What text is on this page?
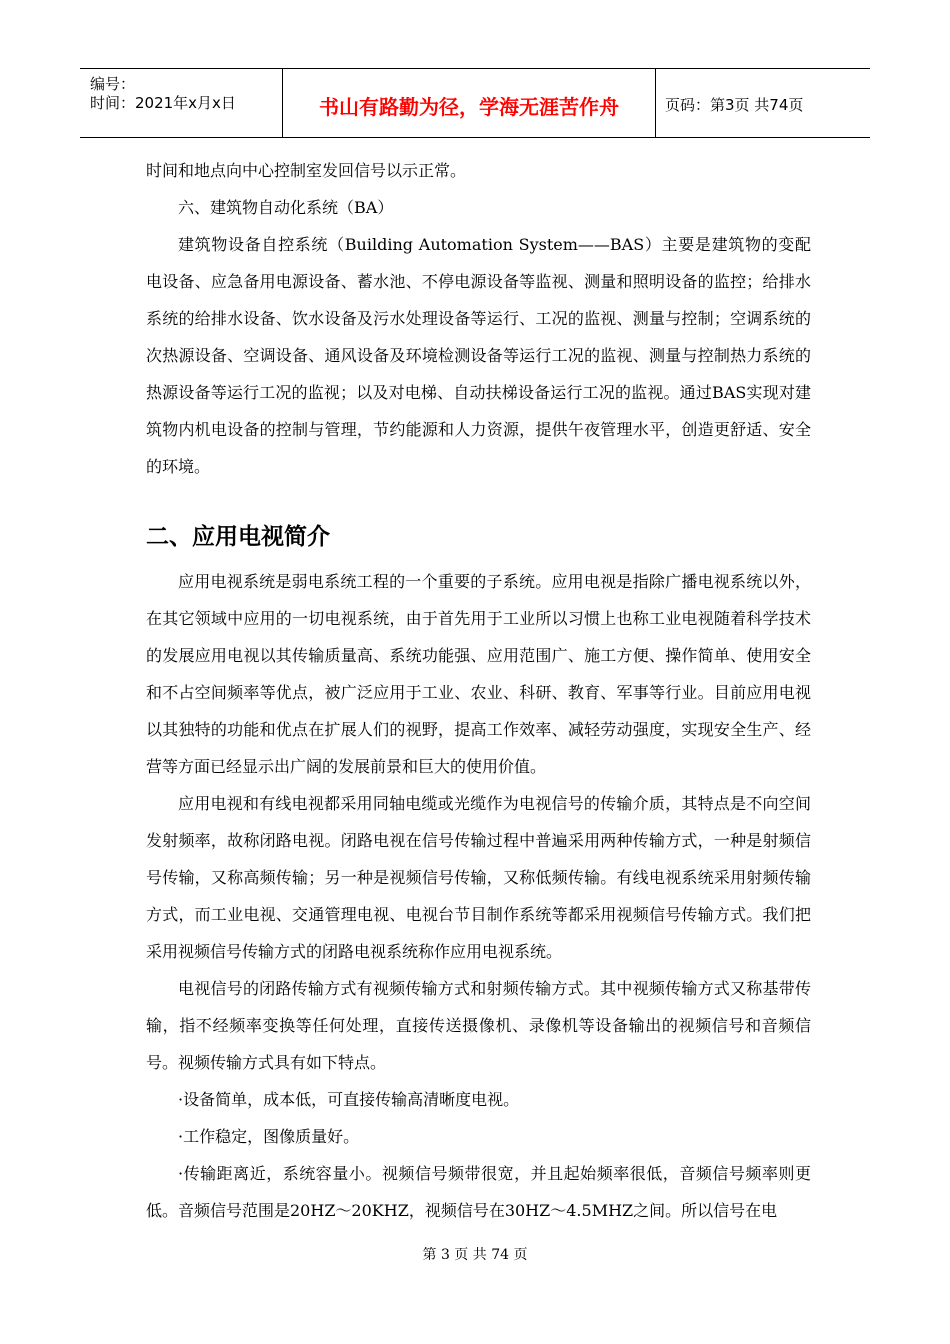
编号：
时间：2021年x月x日	书山有路勤为径，学海无涯苦作舟	页码：第3页 共74页

时间和地点向中心控制室发回信号以示正常。

六、建筑物自动化系统（BA）

建筑物设备自控系统（Building Automation System——BAS）主要是建筑物的变配电设备、应急备用电源设备、蓄水池、不停电源设备等监视、测量和照明设备的监控；给排水系统的给排水设备、饮水设备及污水处理设备等运行、工况的监视、测量与控制；空调系统的次热源设备、空调设备、通风设备及环境检测设备等运行工况的监视、测量与控制热力系统的热源设备等运行工况的监视；以及对电梯、自动扶梯设备运行工况的监视。通过BAS实现对建筑物内机电设备的控制与管理，节约能源和人力资源，提供午夜管理水平，创造更舒适、安全的环境。

二、应用电视简介

应用电视系统是弱电系统工程的一个重要的子系统。应用电视是指除广播电视系统以外，在其它领域中应用的一切电视系统，由于首先用于工业所以习惯上也称工业电视随着科学技术的发展应用电视以其传输质量高、系统功能强、应用范围广、施工方便、操作简单、使用安全和不占空间频率等优点，被广泛应用于工业、农业、科研、教育、军事等行业。目前应用电视以其独特的功能和优点在扩展人们的视野，提高工作效率、减轻劳动强度，实现安全生产、经营等方面已经显示出广阔的发展前景和巨大的使用价值。

应用电视和有线电视都采用同轴电缆或光缆作为电视信号的传输介质，其特点是不向空间发射频率，故称闭路电视。闭路电视在信号传输过程中普遍采用两种传输方式，一种是射频信号传输，又称高频传输；另一种是视频信号传输，又称低频传输。有线电视系统采用射频传输方式，而工业电视、交通管理电视、电视台节目制作系统等都采用视频信号传输方式。我们把采用视频信号传输方式的闭路电视系统称作应用电视系统。

电视信号的闭路传输方式有视频传输方式和射频传输方式。其中视频传输方式又称基带传输，指不经频率变换等任何处理，直接传送摄像机、录像机等设备输出的视频信号和音频信号。视频传输方式具有如下特点。

·设备简单，成本低，可直接传输高清晰度电视。

·工作稳定，图像质量好。

·传输距离近，系统容量小。视频信号频带很宽，并且起始频率很低，音频信号频率则更低。音频信号范围是20HZ～20KHZ，视频信号在30HZ～4.5MHZ之间。所以信号在电

第 3 页 共 74 页
